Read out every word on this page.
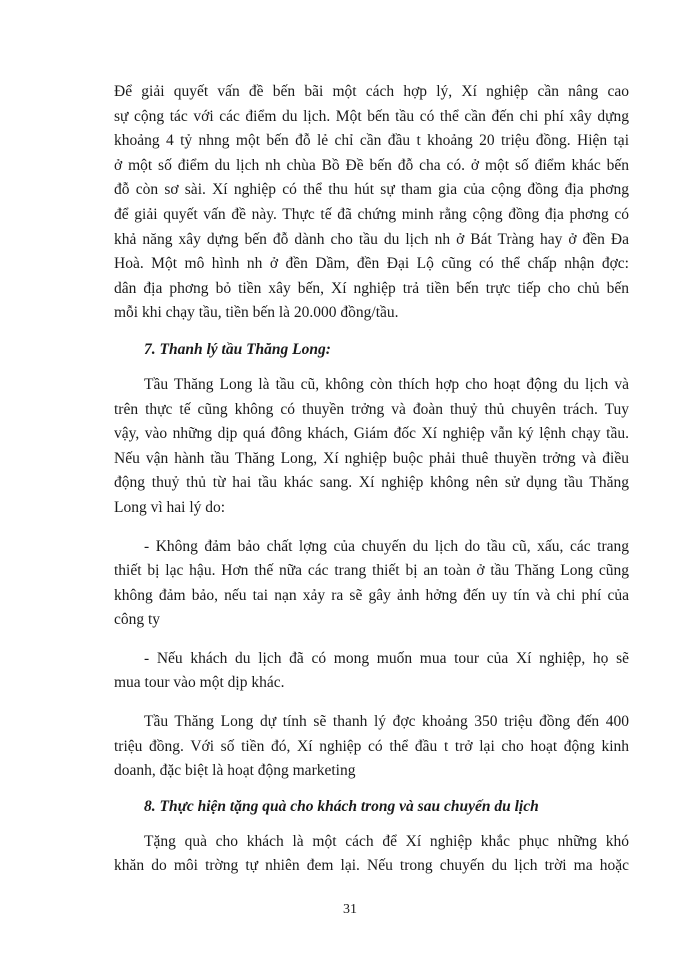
Để giải quyết vấn đề bến bãi một cách hợp lý, Xí nghiệp cần nâng cao
sự cộng tác với các điểm du lịch. Một bến tầu có thể cần đến chi phí xây dựng
khoảng 4 tỷ nhng một bến đỗ lẻ chỉ cần đầu t khoảng 20 triệu đồng. Hiện tại
ở một số điểm du lịch nh chùa Bồ Đề bến đỗ cha có. ở một số điểm khác bến
đỗ còn sơ sài. Xí nghiệp có thể thu hút sự tham gia của cộng đồng địa phơng
để giải quyết vấn đề này. Thực tế đã chứng minh rằng cộng đồng địa phơng có
khả năng xây dựng bến đỗ dành cho tầu du lịch nh ở Bát Tràng hay ở đền Đa
Hoà. Một mô hình nh ở đền Dầm, đền Đại Lộ cũng có thể chấp nhận đợc:
dân địa phơng bỏ tiền xây bến, Xí nghiệp trả tiền bến trực tiếp cho chủ bến
mỗi khi chạy tầu, tiền bến là 20.000 đồng/tầu.

7. Thanh lý tầu Thăng Long:

Tầu Thăng Long là tầu cũ, không còn thích hợp cho hoạt động du lịch và
trên thực tế cũng không có thuyền trởng và đoàn thuỷ thủ chuyên trách. Tuy
vậy, vào những dịp quá đông khách, Giám đốc Xí nghiệp vẫn ký lệnh chạy tầu.
Nếu vận hành tầu Thăng Long, Xí nghiệp buộc phải thuê thuyền trởng và điều
động thuỷ thủ từ hai tầu khác sang. Xí nghiệp không nên sử dụng tầu Thăng
Long vì hai lý do:

- Không đảm bảo chất lợng của chuyến du lịch do tầu cũ, xấu, các trang
thiết bị lạc hậu. Hơn thế nữa các trang thiết bị an toàn ở tầu Thăng Long cũng
không đảm bảo, nếu tai nạn xảy ra sẽ gây ảnh hởng đến uy tín và chi phí của
công ty

- Nếu khách du lịch đã có mong muốn mua tour của Xí nghiệp, họ sẽ
mua tour vào một dịp khác.

Tầu Thăng Long dự tính sẽ thanh lý đợc khoảng 350 triệu đồng đến 400
triệu đồng. Với số tiền đó, Xí nghiệp có thể đầu t trở lại cho hoạt động kinh
doanh, đặc biệt là hoạt động marketing

8. Thực hiện tặng quà cho khách trong và sau chuyến du lịch

Tặng quà cho khách là một cách để Xí nghiệp khắc phục những khó
khăn do môi trờng tự nhiên đem lại. Nếu trong chuyến du lịch trời ma hoặc

31
